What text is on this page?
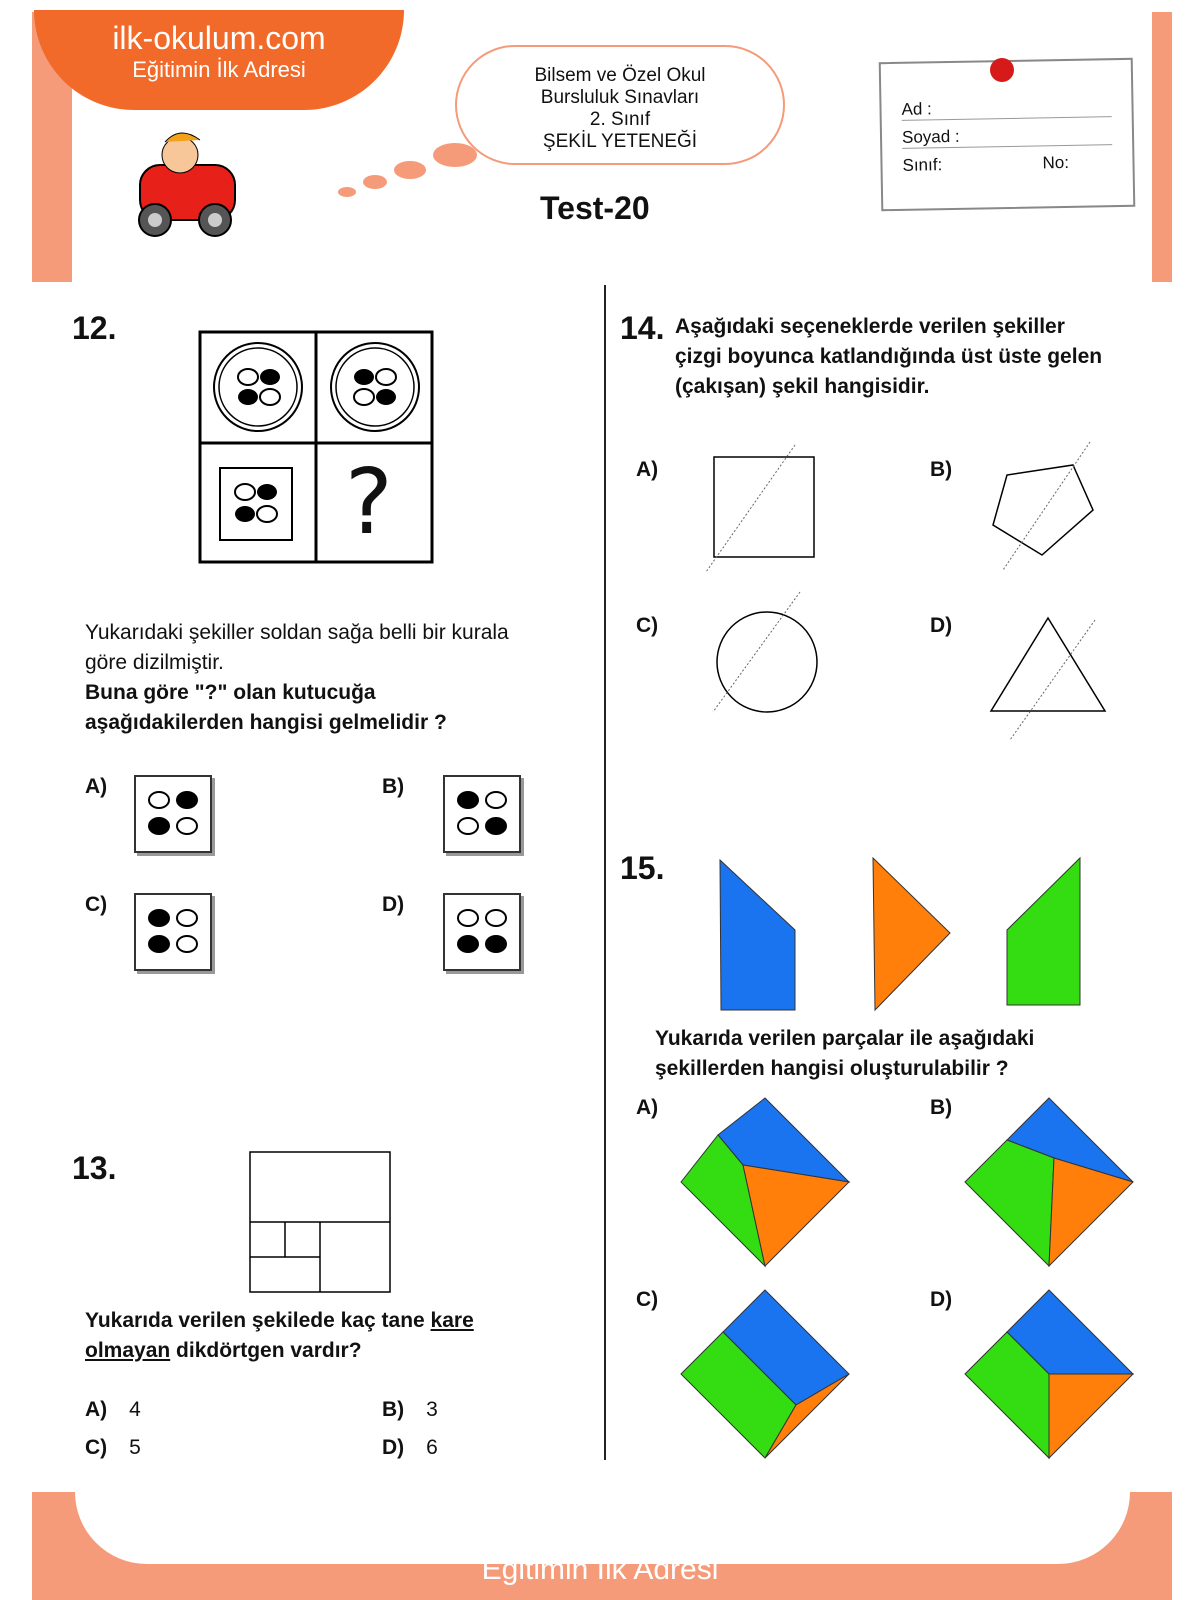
ilk-okulum.com
Eğitimin İlk Adresi	Bilsem ve Özel Okul
Bursluluk Sınavları
2. Sınıf
ŞEKİL YETENEĞİ
Test-20
Ad :
Soyad :
Sınıf:	No:
12.
?
Yukarıdaki şekiller soldan sağa belli bir kurala
göre dizilmiştir.
Buna göre "?" olan kutucuğa
aşağıdakilerden hangisi gelmelidir ?
A)	B)
C)	D)
13.
Yukarıda verilen şekilede kaç tane kare
olmayan dikdörtgen vardır?
A) 4	B) 3
C) 5	D) 6
14. Aşağıdaki seçeneklerde verilen şekiller
çizgi boyunca katlandığında üst üste gelen
(çakışan) şekil hangisidir.
A)	B)
C)	D)
15.
Yukarıda verilen parçalar ile aşağıdaki
şekillerden hangisi oluşturulabilir ?
A)	B)
C)	D)
ilk-okulum.com
Eğitimin İlk Adresi
